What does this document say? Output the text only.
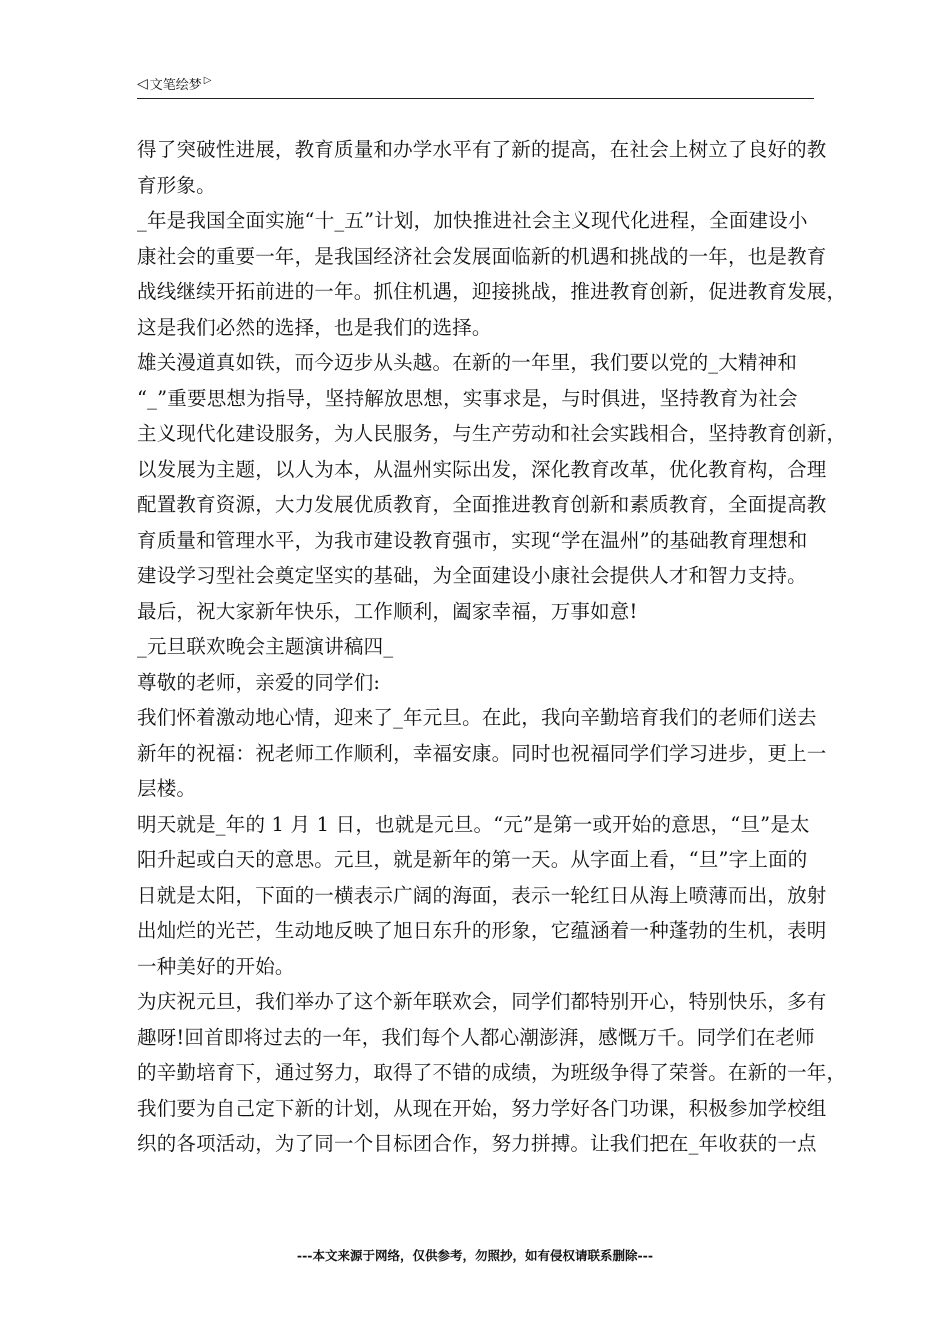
◁ 文笔绘梦 ▷

得了突破性进展，教育质量和办学水平有了新的提高，在社会上树立了良好的教
育形象。

_年是我国全面实施“十_五”计划，加快推进社会主义现代化进程，全面建设小
康社会的重要一年，是我国经济社会发展面临新的机遇和挑战的一年，也是教育
战线继续开拓前进的一年。抓住机遇，迎接挑战，推进教育创新，促进教育发展，
这是我们必然的选择，也是我们的选择。

雄关漫道真如铁，而今迈步从头越。在新的一年里，我们要以党的_大精神和
“_”重要思想为指导，坚持解放思想，实事求是，与时俱进，坚持教育为社会
主义现代化建设服务，为人民服务，与生产劳动和社会实践相合，坚持教育创新，
以发展为主题，以人为本，从温州实际出发，深化教育改革，优化教育构，合理
配置教育资源，大力发展优质教育，全面推进教育创新和素质教育，全面提高教
育质量和管理水平，为我市建设教育强市，实现“学在温州”的基础教育理想和
建设学习型社会奠定坚实的基础，为全面建设小康社会提供人才和智力支持。

最后，祝大家新年快乐，工作顺利，阖家幸福，万事如意!

_元旦联欢晚会主题演讲稿四_

尊敬的老师，亲爱的同学们:

我们怀着激动地心情，迎来了_年元旦。在此，我向辛勤培育我们的老师们送去
新年的祝福：祝老师工作顺利，幸福安康。同时也祝福同学们学习进步，更上一
层楼。

明天就是_年的 1 月 1 日，也就是元旦。“元”是第一或开始的意思，“旦”是太
阳升起或白天的意思。元旦，就是新年的第一天。从字面上看，“旦”字上面的
日就是太阳，下面的一横表示广阔的海面，表示一轮红日从海上喷薄而出，放射
出灿烂的光芒，生动地反映了旭日东升的形象，它蕴涵着一种蓬勃的生机，表明
一种美好的开始。

为庆祝元旦，我们举办了这个新年联欢会，同学们都特别开心，特别快乐，多有
趣呀!回首即将过去的一年，我们每个人都心潮澎湃，感慨万千。同学们在老师
的辛勤培育下，通过努力，取得了不错的成绩，为班级争得了荣誉。在新的一年，
我们要为自己定下新的计划，从现在开始，努力学好各门功课，积极参加学校组
织的各项活动，为了同一个目标团合作，努力拼搏。让我们把在_年收获的一点

---本文来源于网络，仅供参考，勿照抄，如有侵权请联系删除---
